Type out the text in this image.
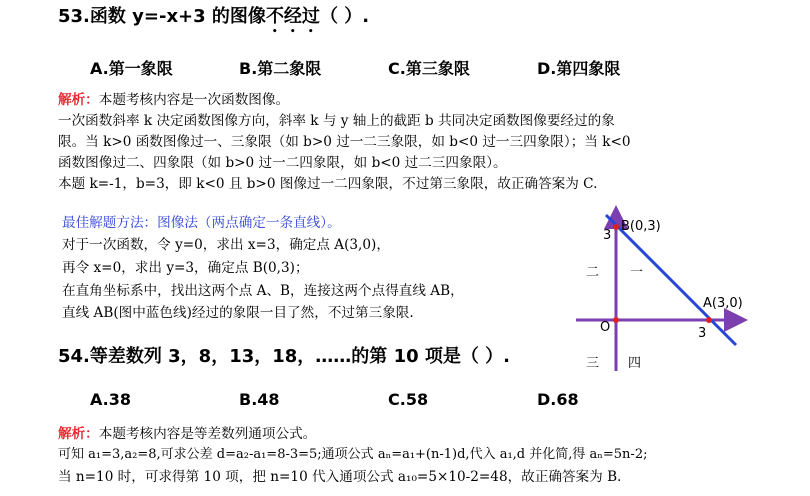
53.函数 y=-x+3 的图像不经过（ ）.
A.第一象限	B.第二象限	C.第三象限	D.第四象限
解析：本题考核内容是一次函数图像。
一次函数斜率 k 决定函数图像方向，斜率 k 与 y 轴上的截距 b 共同决定函数图像要经过的象
限。当 k>0 函数图像过一、三象限（如 b>0 过一二三象限，如 b<0 过一三四象限）；当 k<0
函数图像过二、四象限（如 b>0 过一二四象限，如 b<0 过二三四象限）。
本题 k=-1，b=3，即 k<0 且 b>0 图像过一二四象限，不过第三象限，故正确答案为 C.
最佳解题方法：图像法（两点确定一条直线）。
对于一次函数，令 y=0，求出 x=3，确定点 A(3,0)，
再令 x=0，求出 y=3，确定点 B(0,3)；
在直角坐标系中，找出这两个点 A、B，连接这两个点得直线 AB，
直线 AB(图中蓝色线)经过的象限一目了然，不过第三象限.
B(0,3)
3
A(3,0)
O	3
二 一
三 四
54.等差数列 3，8，13，18，……的第 10 项是（ ）.
A.38	B.48	C.58	D.68
解析：本题考核内容是等差数列通项公式。
可知 a₁=3,a₂=8,可求公差 d=a₂-a₁=8-3=5;通项公式 aₙ=a₁+(n-1)d,代入 a₁,d 并化简,得 aₙ=5n-2;
当 n=10 时，可求得第 10 项，把 n=10 代入通项公式 a₁₀=5×10-2=48，故正确答案为 B.
